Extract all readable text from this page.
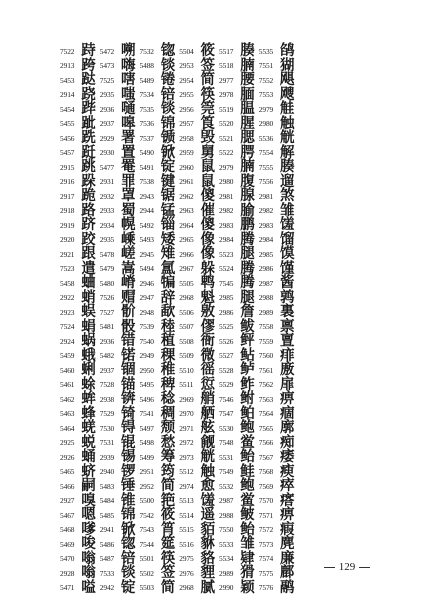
7522 跱
2913 跨
5453 跶
2914 跷
5454 跸
5455 跐
5456 跣
5457 跹
2915 跳
2916 跺
2917 跪
2918 路
2919 跻
2920 跤
2921 跟
7523 遣
5458 蛐
2922 蛸
2923 蜈
7524 蜎
2924 蜗
5459 蛾
5460 蜊
5461 蜍
5462 蛑
5463 蜂
5464 蜣
2925 蜕
2926 蛹
5465 蛴
5466 嗣
2927 嗅
5467 嗯
5468 嗲
5469 唆
5470 嗡
2928 嗡
5471 嗌
5472 嗍
5473 嗨
7525 嗐
2935 嗤
2936 嗵
2937 嗥
2929 署
2930 置
5477 罨
2931 罪
2932 罩
2933 蜀
2934 幌
2935 嵊
5478 嵯
5479 嵩
5480 嵴
7526 赗
7527 骱
5481 骰
2936 错
5482 锘
2937 锢
7528 锚
2938 锛
7529 锜
7530 锝
7531 锟
2939 锡
2940 锣
5483 锤
5484 锥
5485 锦
2941 锨
5486 锪
5487 锫
7533 锬
2942 锭
7532 锪
5488 锬
5489 锩
7534 锫
7535 锬
7536 锦
7537 锧
5490 锨
5491 锭
7538 键
2943 锯
2944 锰
5492 锱
5493 矮
2945 雉
5494 氲
2946 犏
2947 辞
2948 歃
7539 稑
7540 稙
2949 稞
2950 稚
5495 稗
5496 稔
7541 稠
5497 颓
5498 愁
5499 筹
2951 筠
2952 简
5500 筢
7542 筱
7543 筲
7544 筵
5501 筷
5502 签
5503 简
5504 筱
2953 签
2954 简
2955 筷
2956 筦
2957 筤
2958 毁
2959 舅
2960 鼠
2961 鼠
2962 傻
2963 催
2964 傻
2965 像
2966 像
2967 躲
5505 鹎
2968 魁
5506 敫
5507 僇
5508 衙
5509 微
5510 徭
5511 愆
2969 艄
2970 舾
2971 舷
2972 觎
2973 觥
5512 触
2974 愈
5513 馐
5514 遥
5515 貊
5516 貅
2975 貉
2976 貍
2968 腻
5517 腠
5518 腩
2977 腰
2978 腼
5519 腽
5520 腥
5521 腮
5522 腭
2979 腩
2980 腹
2981 腺
2982 腧
2983 鹏
2984 腾
5523 腿
5524 腾
7545 腾
2985 腿
2986 詹
5525 鲅
5526 鲆
5527 鲇
5528 鲈
5529 鲊
7546 鲋
7547 鲌
5530 鲍
7548 鲎
5531 鲐
7549 鲑
5532 鲍
2987 鲎
2988 鲏
7550 鲐
5533 雏
5534 肄
2989 猾
2990 颖
5535 鹐
7551 猢
7552 飓
7553 飕
2979 觟
2980 触
5536 觥
7554 解
7555 腠
7556 遛
2981 煞
2982 雏
2983 馐
2984 馏
2985 馍
2986 馑
2987 酱
2988 鹑
2989 裏
7558 禀
7559 亶
7560 痱
7561 廒
7562 扉
7563 痹
7564 痼
7565 廓
7566 痴
7567 痿
7568 瘐
7569 瘁
7570 瘩
7571 痹
7572 瘕
7573 麂
7574 廉
7575 鄜
7576 鹝
129
